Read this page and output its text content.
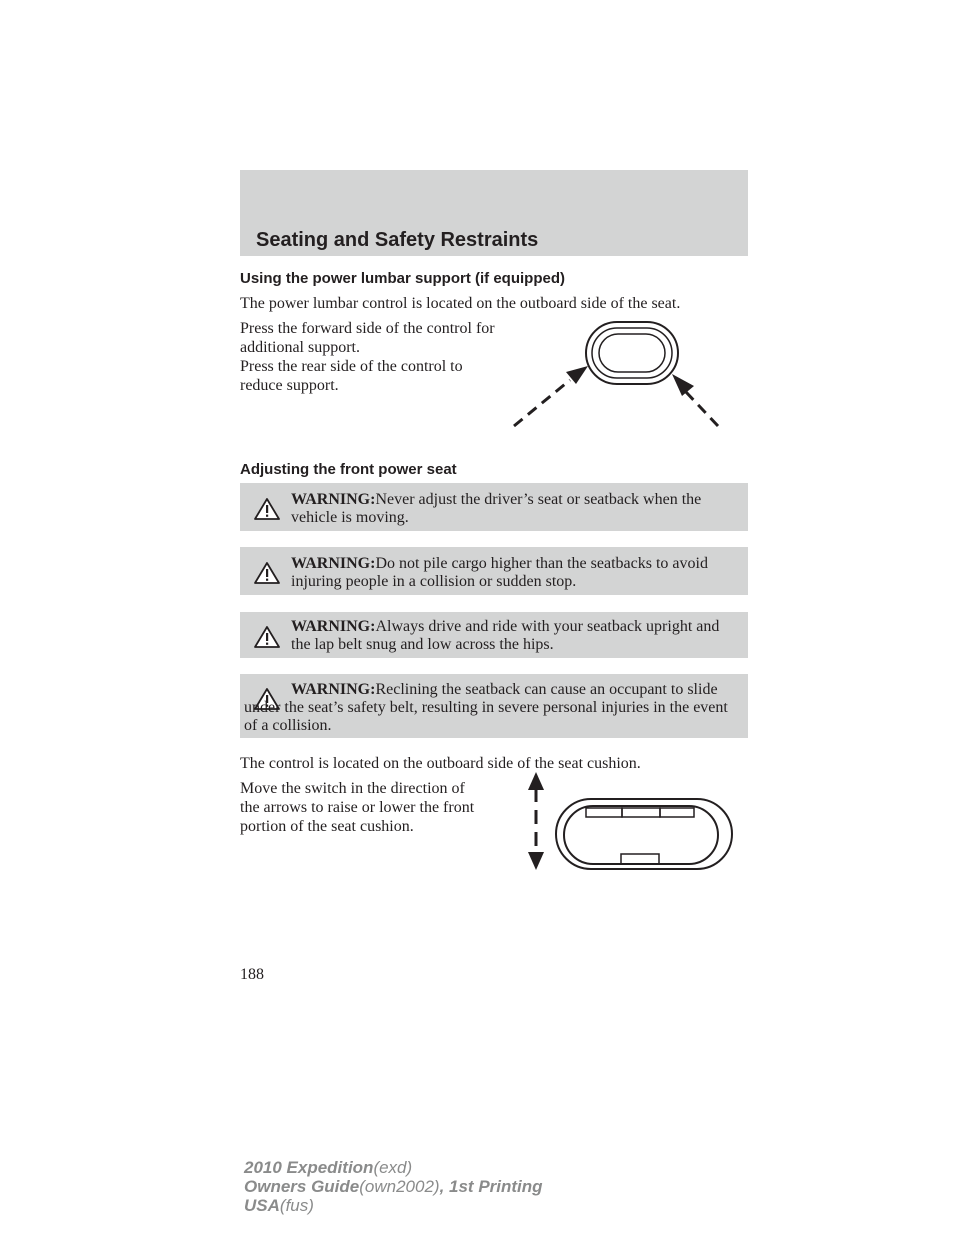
Seating and Safety Restraints
Using the power lumbar support (if equipped)
The power lumbar control is located on the outboard side of the seat.
Press the forward side of the control for additional support.
Press the rear side of the control to reduce support.
Adjusting the front power seat
WARNING:Never adjust the driver’s seat or seatback when the vehicle is moving.
WARNING:Do not pile cargo higher than the seatbacks to avoid injuring people in a collision or sudden stop.
WARNING:Always drive and ride with your seatback upright and the lap belt snug and low across the hips.
WARNING:Reclining the seatback can cause an occupant to slide under the seat’s safety belt, resulting in severe personal injuries in the event of a collision.
The control is located on the outboard side of the seat cushion.
Move the switch in the direction of the arrows to raise or lower the front portion of the seat cushion.
188
2010 Expedition(exd)
Owners Guide(own2002), 1st Printing
USA(fus)
